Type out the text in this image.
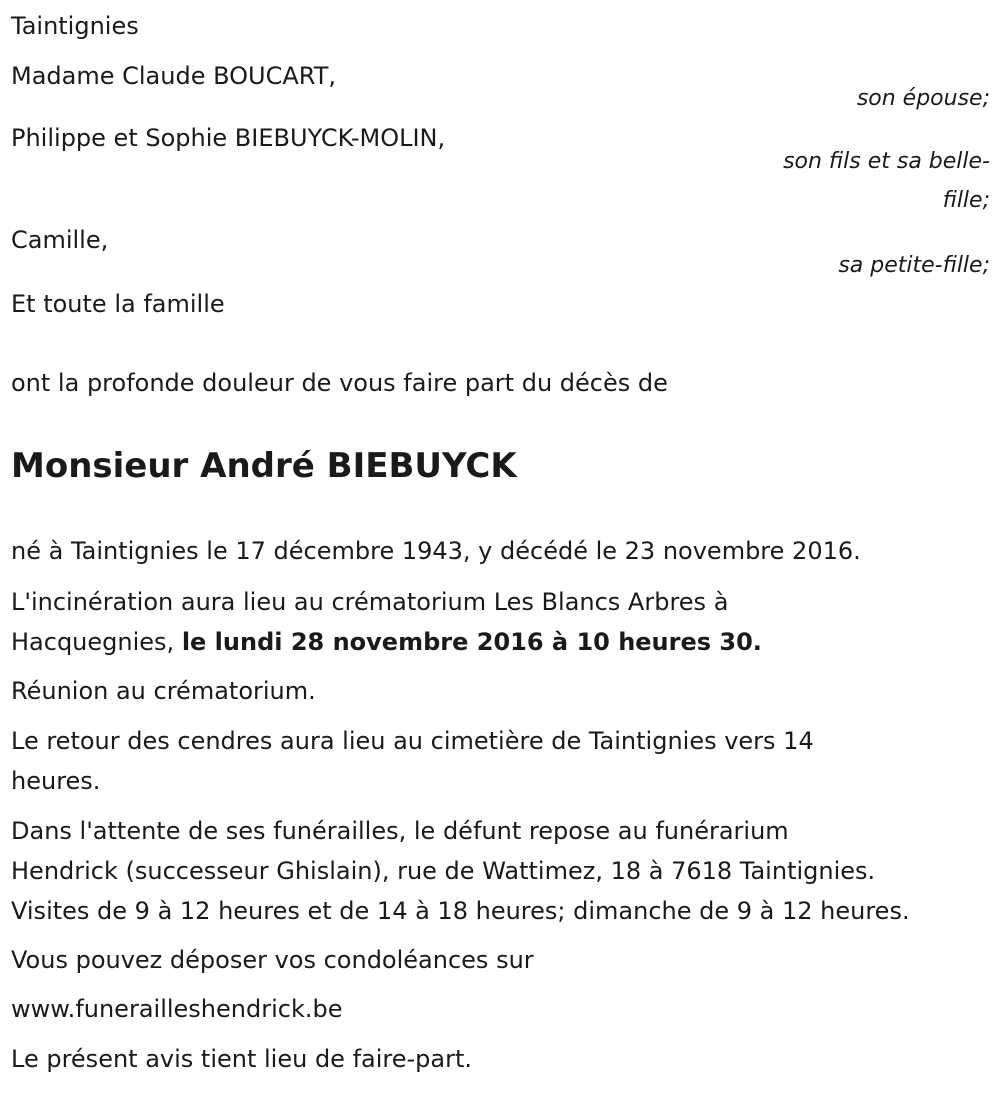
Taintignies

Madame Claude BOUCART,

son épouse;

Philippe et Sophie BIEBUYCK-MOLIN,

son fils et sa belle-

fille;

Camille,

sa petite-fille;

Et toute la famille

ont la profonde douleur de vous faire part du décès de

Monsieur André BIEBUYCK

né à Taintignies le 17 décembre 1943, y décédé le 23 novembre 2016.

L'incinération aura lieu au crématorium Les Blancs Arbres à

Hacquegnies, le lundi 28 novembre 2016 à 10 heures 30.

Réunion au crématorium.

Le retour des cendres aura lieu au cimetière de Taintignies vers 14

heures.

Dans l'attente de ses funérailles, le défunt repose au funérarium

Hendrick (successeur Ghislain), rue de Wattimez, 18 à 7618 Taintignies.

Visites de 9 à 12 heures et de 14 à 18 heures; dimanche de 9 à 12 heures.

Vous pouvez déposer vos condoléances sur

www.funerailleshendrick.be

Le présent avis tient lieu de faire-part.
